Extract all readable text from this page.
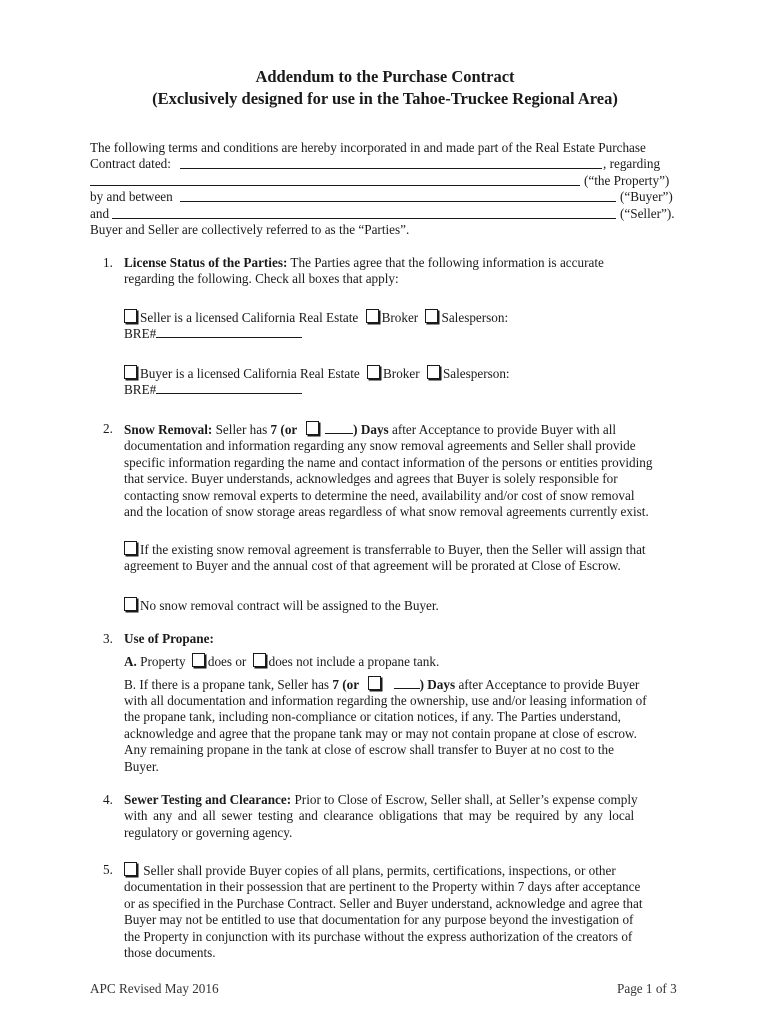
Addendum to the Purchase Contract
(Exclusively designed for use in the Tahoe-Truckee Regional Area)
The following terms and conditions are hereby incorporated in and made part of the Real Estate Purchase
Contract dated:	, regarding
(“the Property”)
by and between	(“Buyer”)
and	(“Seller”).
Buyer and Seller are collectively referred to as the “Parties”.
1. License Status of the Parties: The Parties agree that the following information is accurate
regarding the following. Check all boxes that apply:
Seller is a licensed California Real Estate Broker Salesperson:
BRE#
Buyer is a licensed California Real Estate Broker Salesperson:
BRE#
2. Snow Removal: Seller has 7 (or	) Days after Acceptance to provide Buyer with all
documentation and information regarding any snow removal agreements and Seller shall provide
specific information regarding the name and contact information of the persons or entities providing
that service. Buyer understands, acknowledges and agrees that Buyer is solely responsible for
contacting snow removal experts to determine the need, availability and/or cost of snow removal
and the location of snow storage areas regardless of what snow removal agreements currently exist.
If the existing snow removal agreement is transferrable to Buyer, then the Seller will assign that
agreement to Buyer and the annual cost of that agreement will be prorated at Close of Escrow.
No snow removal contract will be assigned to the Buyer.
3. Use of Propane:
A. Property does or does not include a propane tank.
B. If there is a propane tank, Seller has 7 (or	) Days after Acceptance to provide Buyer
with all documentation and information regarding the ownership, use and/or leasing information of
the propane tank, including non-compliance or citation notices, if any. The Parties understand,
acknowledge and agree that the propane tank may or may not contain propane at close of escrow.
Any remaining propane in the tank at close of escrow shall transfer to Buyer at no cost to the
Buyer.
4. Sewer Testing and Clearance: Prior to Close of Escrow, Seller shall, at Seller’s expense comply
with any and all sewer testing and clearance obligations that may be required by any local
regulatory or governing agency.
5.	Seller shall provide Buyer copies of all plans, permits, certifications, inspections, or other
documentation in their possession that are pertinent to the Property within 7 days after acceptance
or as specified in the Purchase Contract. Seller and Buyer understand, acknowledge and agree that
Buyer may not be entitled to use that documentation for any purpose beyond the investigation of
the Property in conjunction with its purchase without the express authorization of the creators of
those documents.
APC Revised May 2016	Page 1 of 3
